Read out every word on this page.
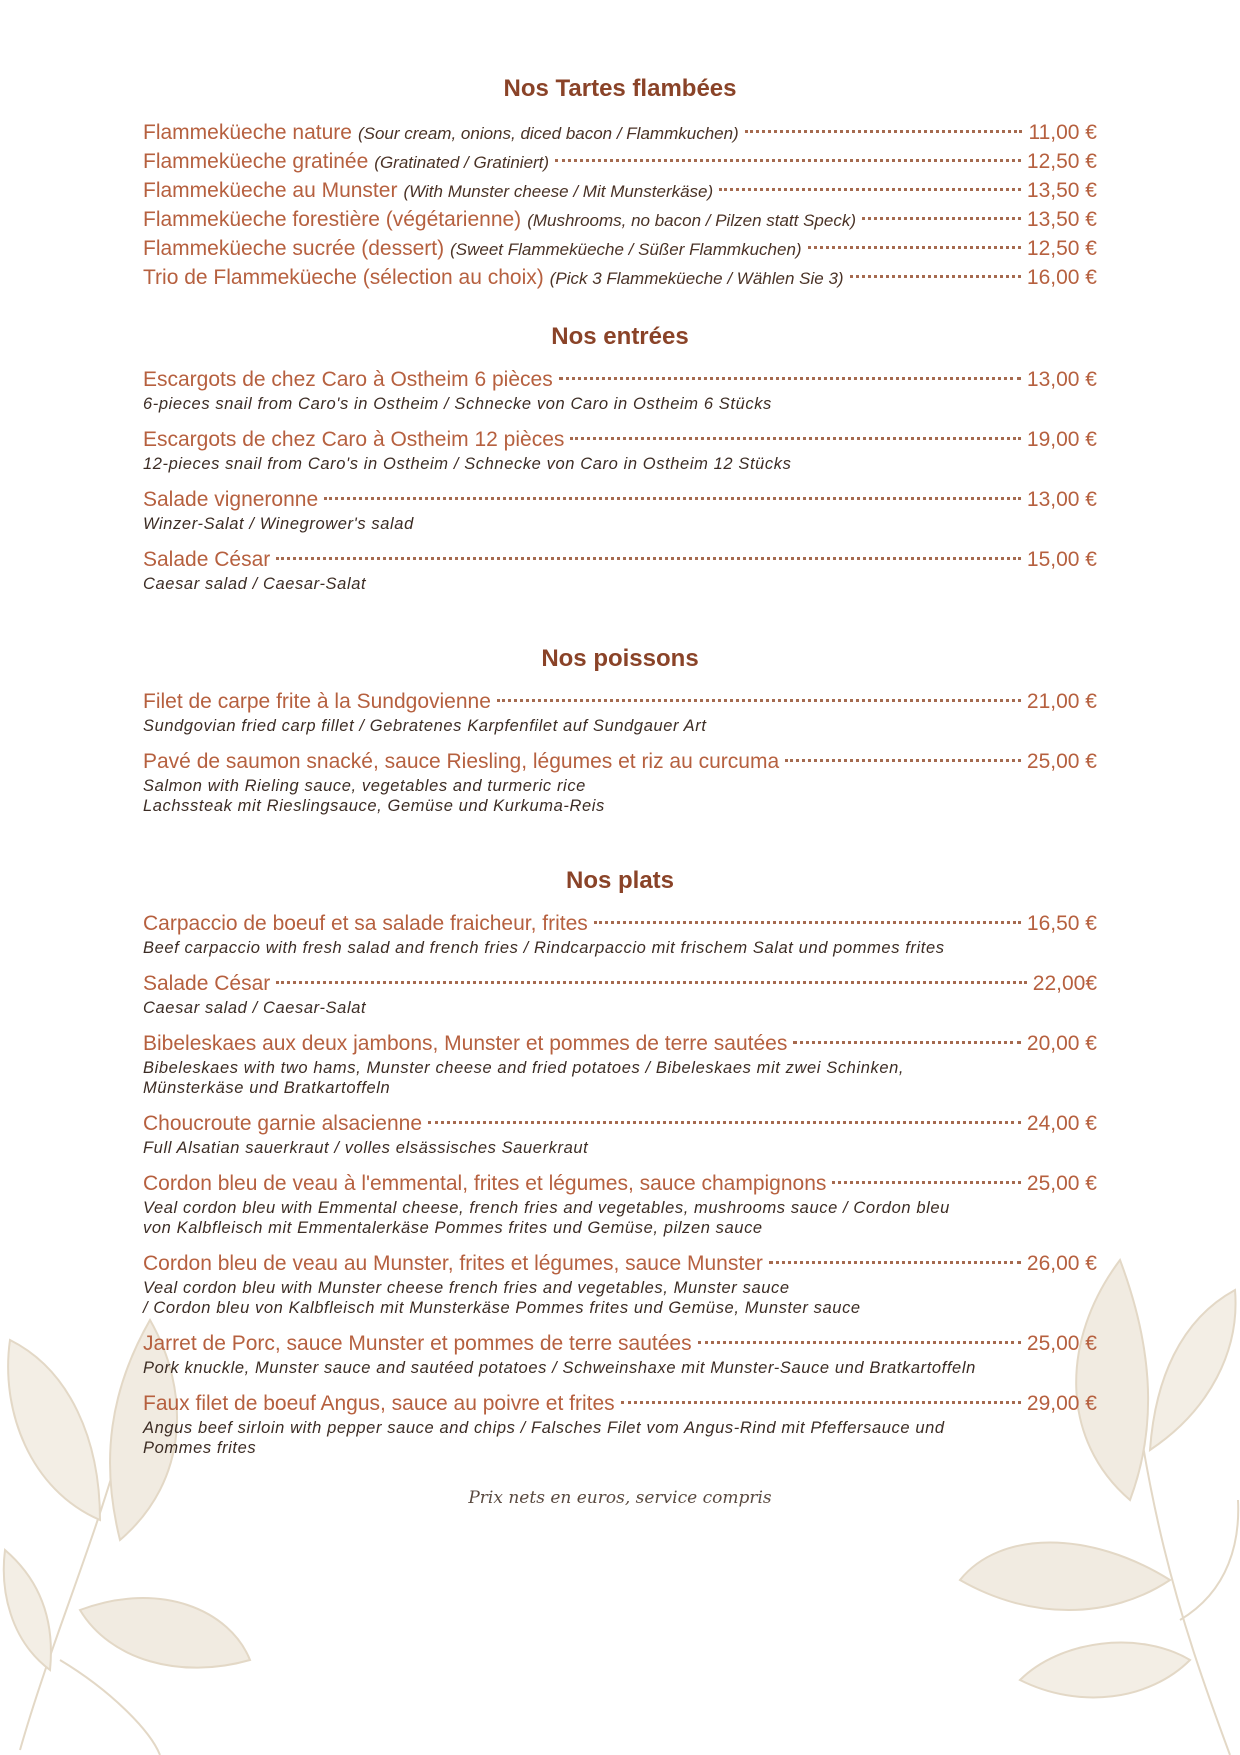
Nos Tartes flambées
Flammeküeche nature (Sour cream, onions, diced bacon / Flammkuchen)	11,00 €
Flammeküeche gratinée (Gratinated / Gratiniert)	12,50 €
Flammeküeche au Munster (With Munster cheese / Mit Munsterkäse)	13,50 €
Flammeküeche forestière (végétarienne) (Mushrooms, no bacon / Pilzen statt Speck)	13,50 €
Flammeküeche sucrée (dessert) (Sweet Flammeküeche / Süßer Flammkuchen)	12,50 €
Trio de Flammeküeche (sélection au choix) (Pick 3 Flammeküeche / Wählen Sie 3)	16,00 €
Nos entrées
Escargots de chez Caro à Ostheim 6 pièces	13,00 €
6-pieces snail from Caro's in Ostheim / Schnecke von Caro in Ostheim 6 Stücks
Escargots de chez Caro à Ostheim 12 pièces	19,00 €
12-pieces snail from Caro's in Ostheim / Schnecke von Caro in Ostheim 12 Stücks
Salade vigneronne	13,00 €
Winzer-Salat / Winegrower's salad
Salade César	15,00 €
Caesar salad / Caesar-Salat
Nos poissons
Filet de carpe frite à la Sundgovienne	21,00 €
Sundgovian fried carp fillet / Gebratenes Karpfenfilet auf Sundgauer Art
Pavé de saumon snacké, sauce Riesling, légumes et riz au curcuma	25,00 €
Salmon with Rieling sauce, vegetables and turmeric rice
Lachssteak mit Rieslingsauce, Gemüse und Kurkuma-Reis
Nos plats
Carpaccio de boeuf et sa salade fraicheur, frites	16,50 €
Beef carpaccio with fresh salad and french fries / Rindcarpaccio mit frischem Salat und pommes frites
Salade César	22,00€
Caesar salad / Caesar-Salat
Bibeleskaes aux deux jambons, Munster et pommes de terre sautées	20,00 €
Bibeleskaes with two hams, Munster cheese and fried potatoes / Bibeleskaes mit zwei Schinken,
Münsterkäse und Bratkartoffeln
Choucroute garnie alsacienne	24,00 €
Full Alsatian sauerkraut / volles elsässisches Sauerkraut
Cordon bleu de veau à l'emmental, frites et légumes, sauce champignons	25,00 €
Veal cordon bleu with Emmental cheese, french fries and vegetables, mushrooms sauce / Cordon bleu
von Kalbfleisch mit Emmentalerkäse Pommes frites und Gemüse, pilzen sauce
Cordon bleu de veau au Munster, frites et légumes, sauce Munster	26,00 €
Veal cordon bleu with Munster cheese french fries and vegetables, Munster sauce
/ Cordon bleu von Kalbfleisch mit Munsterkäse Pommes frites und Gemüse, Munster sauce
Jarret de Porc, sauce Munster et pommes de terre sautées	25,00 €
Pork knuckle, Munster sauce and sautéed potatoes / Schweinshaxe mit Munster-Sauce und Bratkartoffeln
Faux filet de boeuf Angus, sauce au poivre et frites	29,00 €
Angus beef sirloin with pepper sauce and chips / Falsches Filet vom Angus-Rind mit Pfeffersauce und
Pommes frites

Prix nets en euros, service compris
